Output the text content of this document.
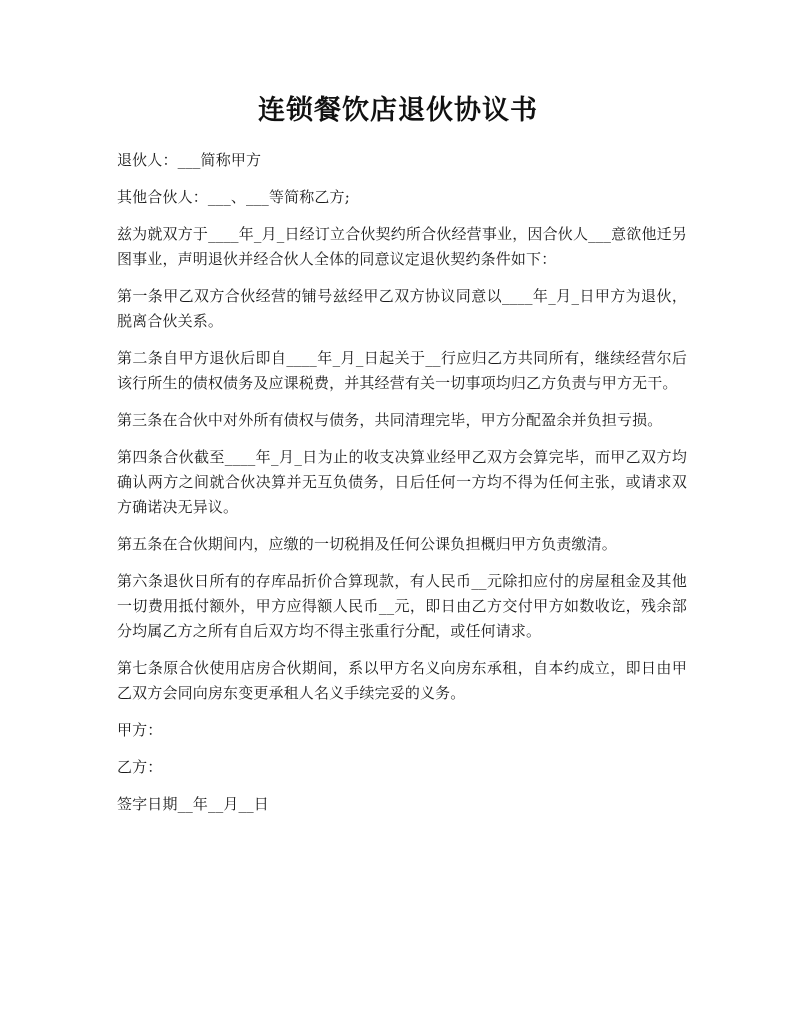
连锁餐饮店退伙协议书

退伙人：___简称甲方

其他合伙人：___、___等简称乙方;

兹为就双方于____年_月_日经订立合伙契约所合伙经营事业，因合伙人___意欲他迁另图事业，声明退伙并经合伙人全体的同意议定退伙契约条件如下：

第一条甲乙双方合伙经营的铺号兹经甲乙双方协议同意以____年_月_日甲方为退伙，脱离合伙关系。

第二条自甲方退伙后即自____年_月_日起关于__行应归乙方共同所有，继续经营尔后该行所生的债权债务及应课税费，并其经营有关一切事项均归乙方负责与甲方无干。

第三条在合伙中对外所有债权与债务，共同清理完毕，甲方分配盈余并负担亏损。

第四条合伙截至____年_月_日为止的收支决算业经甲乙双方会算完毕，而甲乙双方均确认两方之间就合伙决算并无互负债务，日后任何一方均不得为任何主张，或请求双方确诺决无异议。

第五条在合伙期间内，应缴的一切税捐及任何公课负担概归甲方负责缴清。

第六条退伙日所有的存库品折价合算现款，有人民币__元除扣应付的房屋租金及其他一切费用抵付额外，甲方应得额人民币__元，即日由乙方交付甲方如数收讫，残余部分均属乙方之所有自后双方均不得主张重行分配，或任何请求。

第七条原合伙使用店房合伙期间，系以甲方名义向房东承租，自本约成立，即日由甲乙双方会同向房东变更承租人名义手续完妥的义务。

甲方：

乙方：

签字日期__年__月__日
